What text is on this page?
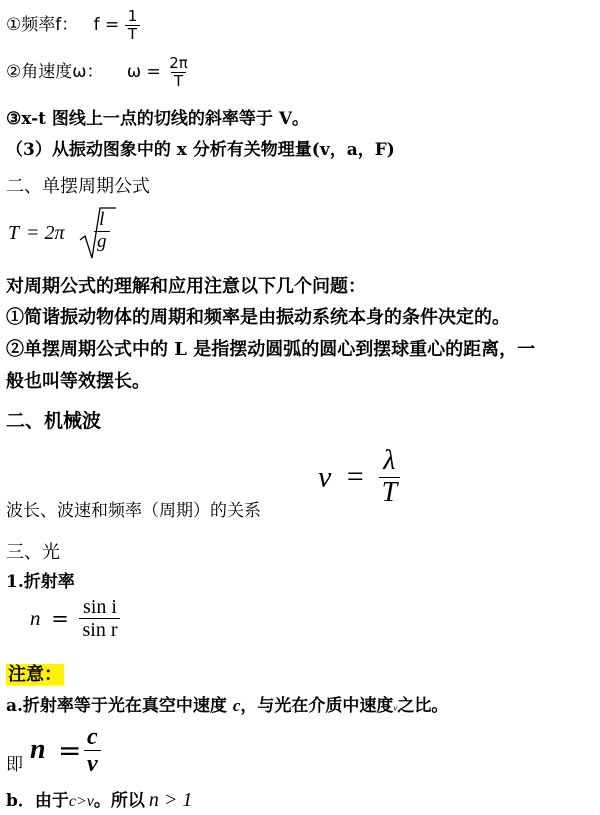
①频率f： $f = \frac{1}{T}$
②角速度ω： $\omega = \frac{2\pi}{T}$
③x-t 图线上一点的切线的斜率等于 V。
（3）从振动图象中的 x 分析有关物理量(v，a，F)
二、单摆周期公式
$T = 2\pi \frac{l}{g}$
对周期公式的理解和应用注意以下几个问题：
①简谐振动物体的周期和频率是由振动系统本身的条件决定的。
②单摆周期公式中的 L 是指摆动圆弧的圆心到摆球重心的距离，一
般也叫等效摆长。
二、机械波
$v = \frac{\lambda}{T}$
波长、波速和频率（周期）的关系
三、光
1.折射率
$n = \frac{\text{sin i}}{\text{sin r}}$
注意：
a.折射率等于光在真空中速度 c，与光在介质中速度v之比。
即 $n = \frac{c}{v}$
b．由于c>v。所以 n > 1
